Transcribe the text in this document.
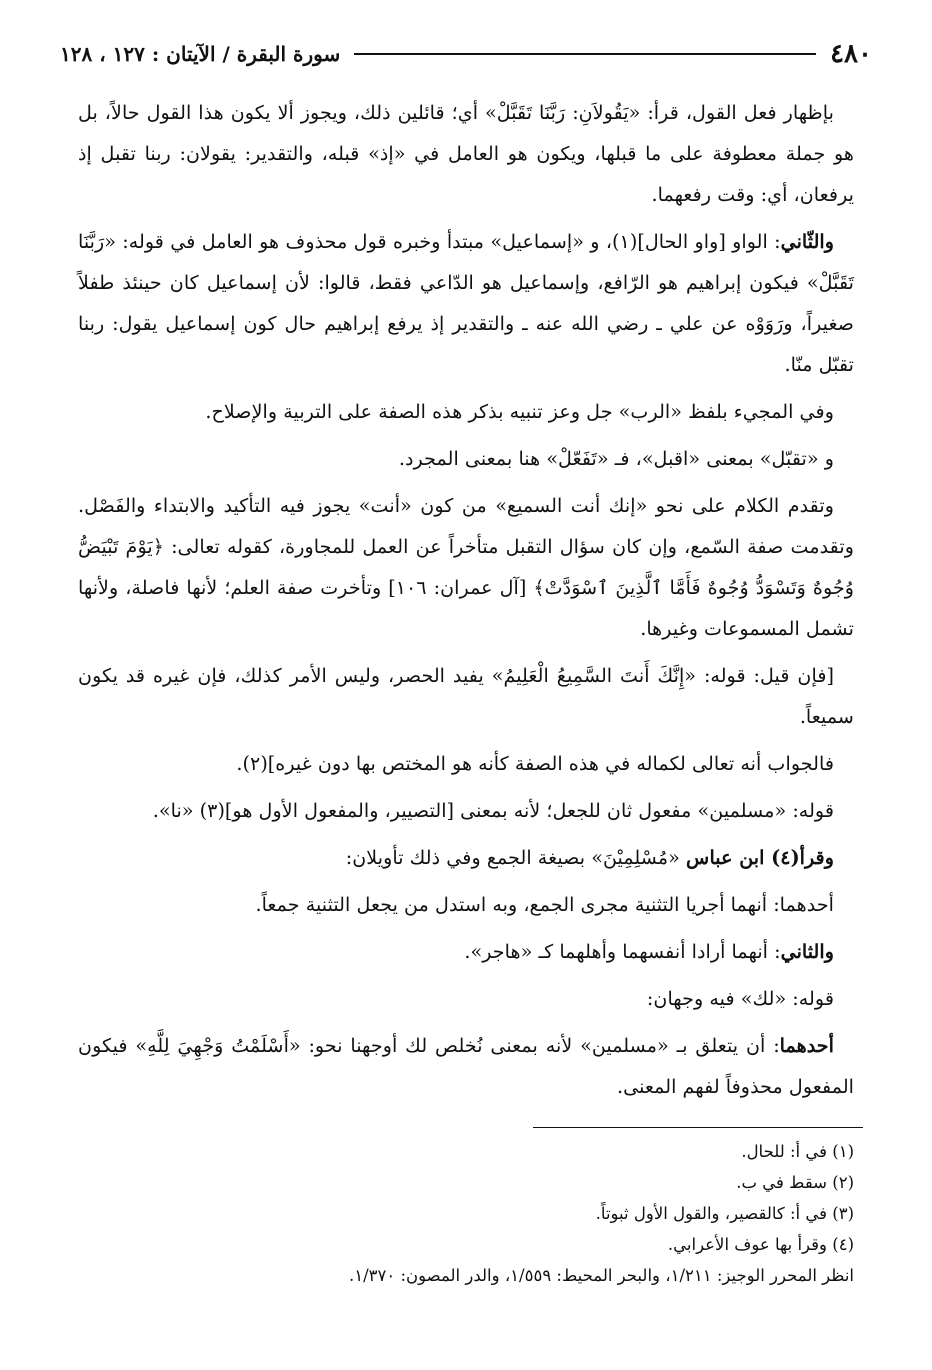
٤٨٠
سورة البقرة / الآيتان : ١٢٧ ، ١٢٨

بإظهار فعل القول، قرأ: «يَقُولاَنِ: رَبَّنَا تَقَبَّلْ» أي؛ قائلين ذلك، ويجوز ألا يكون هذا القول حالاً، بل هو جملة معطوفة على ما قبلها، ويكون هو العامل في «إذ» قبله، والتقدير: يقولان: ربنا تقبل إذ يرفعان، أي: وقت رفعهما.

والثّاني: الواو [واو الحال](١)، و «إسماعيل» مبتدأ وخبره قول محذوف هو العامل في قوله: «رَبَّنَا تَقَبَّلْ» فيكون إبراهيم هو الرّافع، وإسماعيل هو الدّاعي فقط، قالوا: لأن إسماعيل كان حينئذ طفلاً صغيراً، ورَوَوْه عن علي ـ رضي الله عنه ـ والتقدير إذ يرفع إبراهيم حال كون إسماعيل يقول: ربنا تقبّل منّا.

وفي المجيء بلفظ «الرب» جل وعز تنبيه بذكر هذه الصفة على التربية والإصلاح.

و «تقبّل» بمعنى «اقبل»، فـ «تَفَعّلْ» هنا بمعنى المجرد.

وتقدم الكلام على نحو «إنك أنت السميع» من كون «أنت» يجوز فيه التأكيد والابتداء والفَصْل. وتقدمت صفة السّمع، وإن كان سؤال التقبل متأخراً عن العمل للمجاورة، كقوله تعالى: ﴿يَوْمَ تَبْيَضُّ وُجُوهٌ وَتَسْوَدُّ وُجُوهٌ فَأَمَّا ٱلَّذِينَ ٱسْوَدَّتْ﴾ [آل عمران: ١٠٦] وتأخرت صفة العلم؛ لأنها فاصلة، ولأنها تشمل المسموعات وغيرها.

[فإن قيل: قوله: «إِنَّكَ أَنتَ السَّمِيعُ الْعَلِيمُ» يفيد الحصر، وليس الأمر كذلك، فإن غيره قد يكون سميعاً.

فالجواب أنه تعالى لكماله في هذه الصفة كأنه هو المختص بها دون غيره](٢).

قوله: «مسلمين» مفعول ثان للجعل؛ لأنه بمعنى [التصيير، والمفعول الأول هو](٣) «نا».

وقرأ(٤) ابن عباس «مُسْلِمِيْنَ» بصيغة الجمع وفي ذلك تأويلان:

أحدهما: أنهما أجريا التثنية مجرى الجمع، وبه استدل من يجعل التثنية جمعاً.

والثاني: أنهما أرادا أنفسهما وأهلهما كـ «هاجر».

قوله: «لك» فيه وجهان:

أحدهما: أن يتعلق بـ «مسلمين» لأنه بمعنى نُخلص لك أوجهنا نحو: «أَسْلَمْتُ وَجْهِيَ لِلَّهِ» فيكون المفعول محذوفاً لفهم المعنى.

(١) في أ: للحال.
(٢) سقط في ب.
(٣) في أ: كالقصير، والقول الأول ثبوتاً.
(٤) وقرأ بها عوف الأعرابي.
انظر المحرر الوجيز: ١/٢١١، والبحر المحيط: ١/٥٥٩، والدر المصون: ١/٣٧٠.
